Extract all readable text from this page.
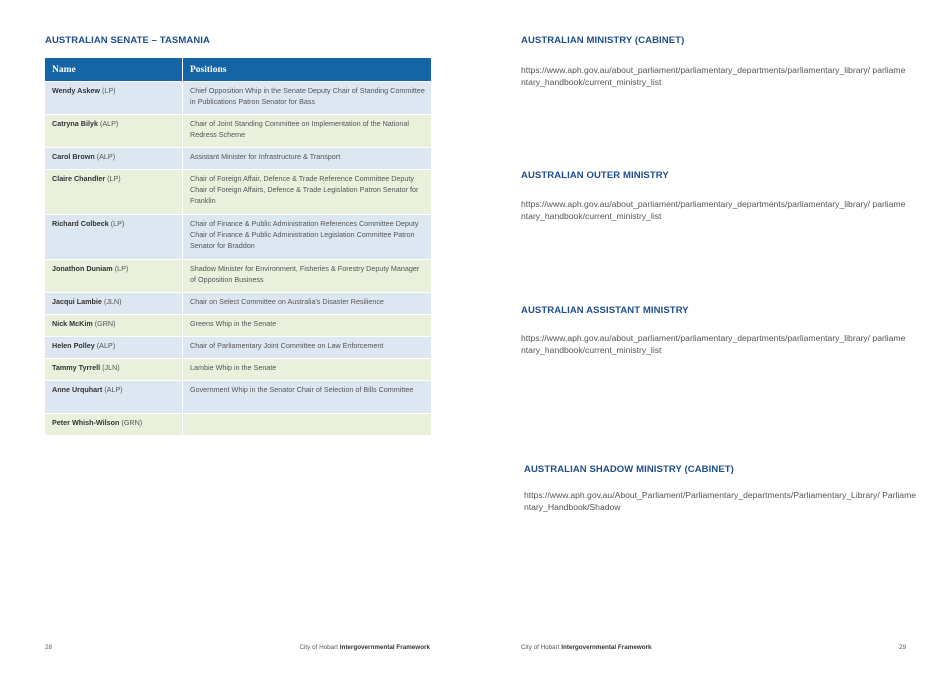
AUSTRALIAN SENATE – TASMANIA
Name	Positions
Wendy Askew (LP)	Chief Opposition Whip in the Senate Deputy Chair of Standing Committee in Publications Patron Senator for Bass
Catryna Bilyk (ALP)	Chair of Joint Standing Committee on Implementation of the National Redress Scheme
Carol Brown (ALP)	Assistant Minister for Infrastructure & Transport
Claire Chandler (LP)	Chair of Foreign Affair, Defence & Trade Reference Committee Deputy Chair of Foreign Affairs, Defence & Trade Legislation Patron Senator for Franklin
Richard Colbeck (LP)	Chair of Finance & Public Administration References Committee Deputy Chair of Finance & Public Administration Legislation Committee Patron Senator for Braddon
Jonathon Duniam (LP)	Shadow Minister for Environment, Fisheries & Forestry Deputy Manager of Opposition Business
Jacqui Lambie (JLN)	Chair on Select Committee on Australia's Disaster Resilience
Nick McKim (GRN)	Greens Whip in the Senate
Helen Polley (ALP)	Chair of Parliamentary Joint Committee on Law Enforcement
Tammy Tyrrell (JLN)	Lambie Whip in the Senate
Anne Urquhart (ALP)	Government Whip in the Senator Chair of Selection of Bills Committee
Peter Whish-Wilson (GRN)	
28	City of Hobart Intergovernmental Framework
AUSTRALIAN MINISTRY (CABINET)

https://www.aph.gov.au/about_parliament/parliamentary_departments/parliamentary_library/ parliamentary_handbook/current_ministry_list

AUSTRALIAN OUTER MINISTRY

https://www.aph.gov.au/about_parliament/parliamentary_departments/parliamentary_library/ parliamentary_handbook/current_ministry_list

AUSTRALIAN ASSISTANT MINISTRY

https://www.aph.gov.au/about_parliament/parliamentary_departments/parliamentary_library/ parliamentary_handbook/current_ministry_list

AUSTRALIAN SHADOW MINISTRY (CABINET)

https://www.aph.gov.au/About_Parliament/Parliamentary_departments/Parliamentary_Library/ Parliamentary_Handbook/Shadow

City of Hobart Intergovernmental Framework	29
